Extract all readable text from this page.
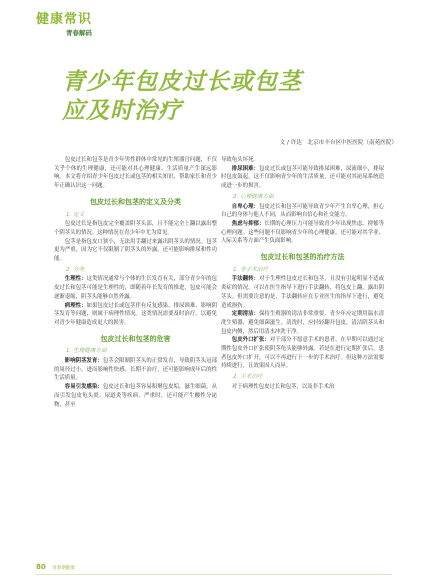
健康常识
青春解码
青少年包皮过长或包茎
应及时治疗
文 / 许达　北京市丰台区中医医院（南苑医院）

包皮过长和包茎是青少年男性群体中常见的生殖器官问题，不仅关乎个体的生理健康，还可能对其心理健康、生活质量产生深远影响。本文将介绍青少年包皮过长或包茎的相关知识，帮助家长和青少年正确认识这一问题。

包皮过长和包茎的定义及分类
1. 定义

包皮过长是指包皮完全覆盖阴茎头部，且不能完全上翻以露出整个阴茎头的情况。这种情况在青少年中尤为常见。

包茎是指包皮口狭小，无法用手翻过来露出阴茎头的情况。包茎更为严重，因为它不仅限制了阴茎头的外露，还可能影响排尿和性功能。

2. 分类

生理性：这类情况通常与个体的生长发育有关，部分青少年的包皮过长和包茎可能是生理性的，即随着年长发育的推进，包皮可能会逐渐退缩，阴茎头能够自然外露。

病理性：如果包皮过长或包茎伴有反复感染、排尿困难、影响阴茎发育等问题，则属于病理性情况。这类情况需要及时治疗，以避免对青少年健康造成更大的损害。

包皮过长和包茎的危害
1. 生理健康方面

影响阴茎发育：包茎会限制阴茎头的正常发育，导致阴茎头冠部的周径过小，进而影响性快感。长期不治疗，还可能影响成年后的性生活质量。

容易引发感染：包皮过长和包茎容易积聚包皮垢，滋生细菌，从而引发包皮龟头炎、尿道炎等疾病。严重时，还可能产生酸性分泌物，甚至

导致龟头坏死。

排尿困难：包皮过长或包茎可能导致排尿困难，尿流细小，排尿时包皮鼓起。这不仅影响青少年的生活质量，还可能对其泌尿系统造成进一步的损害。

2. 心理健康方面

自卑心理：包皮过长和包茎可能导致青少年产生自卑心理，担心自己的身体与他人不同，从而影响自信心和社交能力。

焦虑与抑郁：长期的心理压力可能导致青少年出现焦虑、抑郁等心理问题。这些问题不仅影响青少年的心理健康，还可能对其学业、人际关系等方面产生负面影响。

包皮过长和包茎的治疗方法
1. 非手术治疗

手法翻转：对于生理性包皮过长和包茎，且没有引起明显不适或炎症的情况，可以在医生指导下进行手法翻转，将包皮上翻，露出阴茎头。但需要注意的是，手法翻转应在专业医生的指导下进行，避免造成损伤。

定期清洁：保持生殖器的清洁非常重要。青少年应定期用温水清洗生殖器，避免细菌滋生。清洗时，应轻轻翻开包皮，清洁阴茎头和包皮内侧，然后用清水冲洗干净。

包皮外口扩张：对于部分不愿意手术的患者，在早期可以通过定期性包皮外口扩张使阴茎龟头能够外露。若是在进行定期扩张后，患者包皮外口扩开，可以不再进行下一步的手术治疗。但这种方法需要持续进行，且效果因人而异。

2. 手术治疗

对于病理性包皮过长和包茎，以及非手术治

80 青春期健康
